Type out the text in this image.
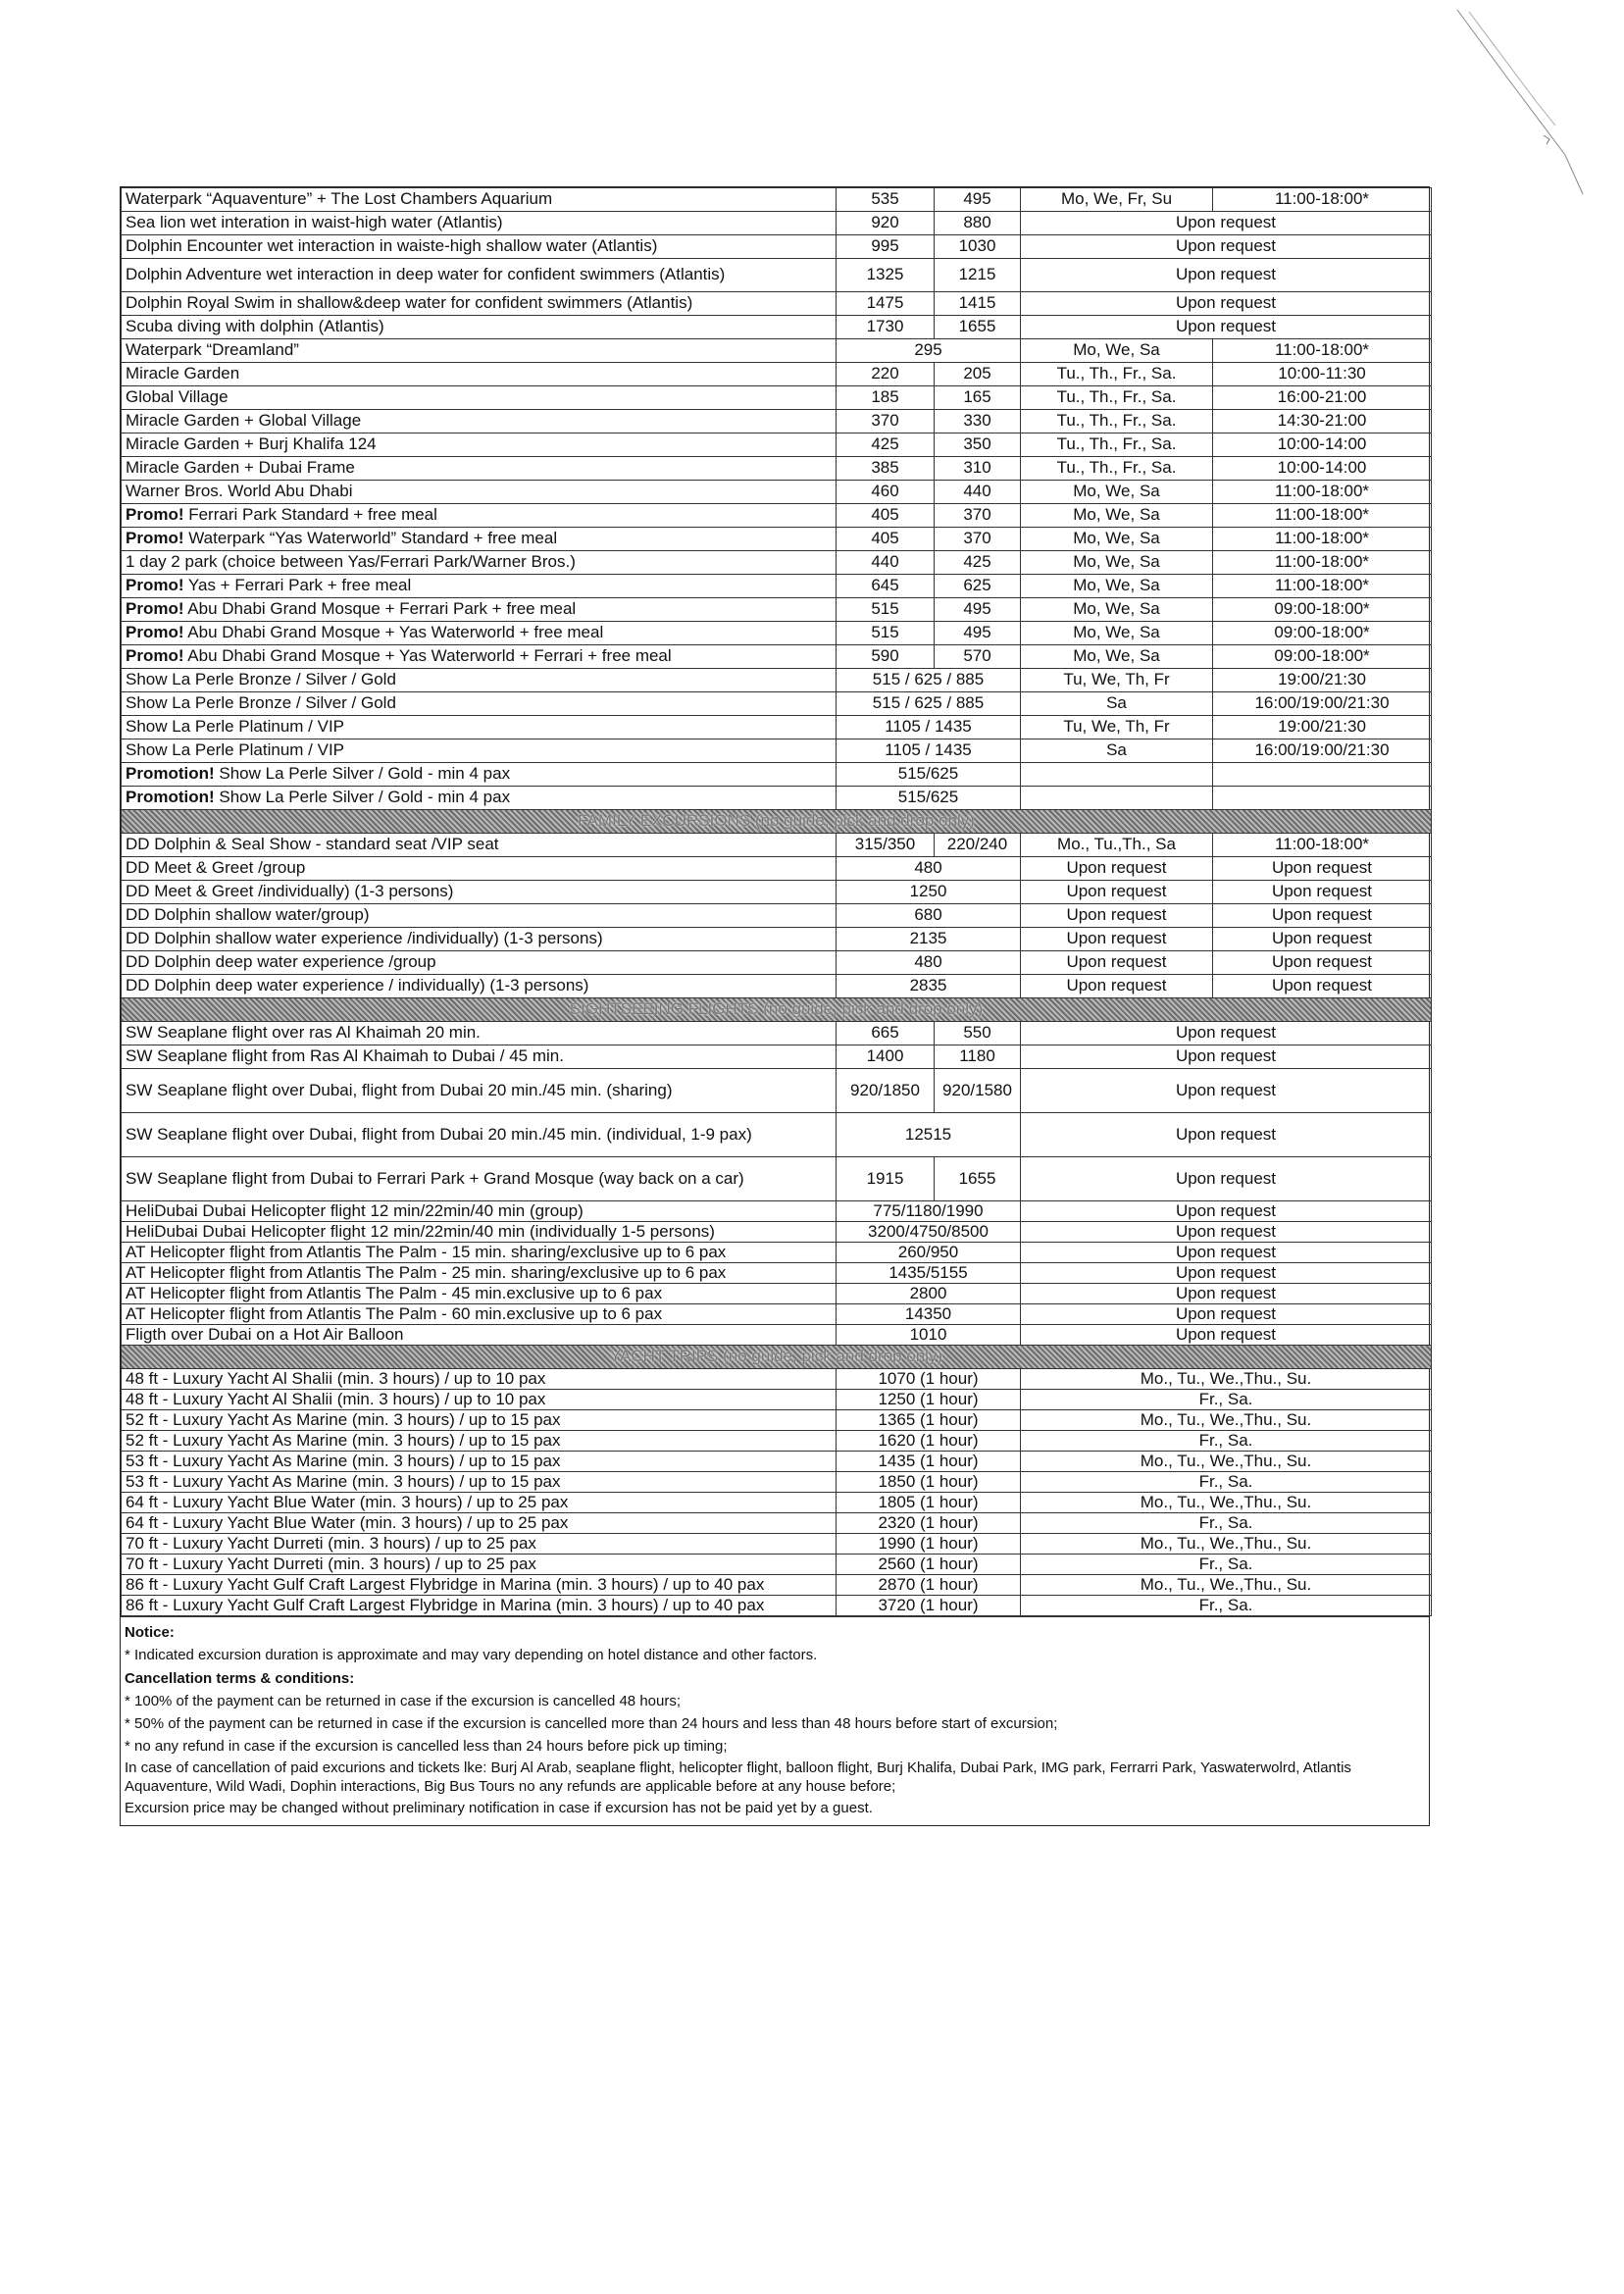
Waterpark “Aquaventure” + The Lost Chambers Aquarium	535	495	Mo, We, Fr, Su	11:00-18:00*
Sea lion wet interation in waist-high water (Atlantis)	920	880	Upon request	
Dolphin Encounter wet interaction in waiste-high shallow water (Atlantis)	995	1030	Upon request	
Dolphin Adventure wet interaction in deep water for confident swimmers (Atlantis)	1325	1215	Upon request	
Dolphin Royal Swim in shallow&deep water for confident swimmers (Atlantis)	1475	1415	Upon request	
Scuba diving with dolphin (Atlantis)	1730	1655	Upon request	
Waterpark “Dreamland”	295		Mo, We, Sa	11:00-18:00*
Miracle Garden	220	205	Tu., Th., Fr., Sa.	10:00-11:30
Global Village	185	165	Tu., Th., Fr., Sa.	16:00-21:00
Miracle Garden + Global Village	370	330	Tu., Th., Fr., Sa.	14:30-21:00
Miracle Garden + Burj Khalifa 124	425	350	Tu., Th., Fr., Sa.	10:00-14:00
Miracle Garden + Dubai Frame	385	310	Tu., Th., Fr., Sa.	10:00-14:00
Warner Bros. World Abu Dhabi	460	440	Mo, We, Sa	11:00-18:00*
Promo! Ferrari Park Standard + free meal	405	370	Mo, We, Sa	11:00-18:00*
Promo! Waterpark “Yas Waterworld” Standard + free meal	405	370	Mo, We, Sa	11:00-18:00*
1 day 2 park (choice between Yas/Ferrari Park/Warner Bros.)	440	425	Mo, We, Sa	11:00-18:00*
Promo! Yas + Ferrari Park + free meal	645	625	Mo, We, Sa	11:00-18:00*
Promo! Abu Dhabi Grand Mosque + Ferrari Park + free meal	515	495	Mo, We, Sa	09:00-18:00*
Promo! Abu Dhabi Grand Mosque + Yas Waterworld + free meal	515	495	Mo, We, Sa	09:00-18:00*
Promo! Abu Dhabi Grand Mosque + Yas Waterworld + Ferrari + free meal	590	570	Mo, We, Sa	09:00-18:00*
Show La Perle Bronze / Silver / Gold	515 / 625 / 885		Tu, We, Th, Fr	19:00/21:30
Show La Perle Bronze / Silver / Gold	515 / 625 / 885		Sa	16:00/19:00/21:30
Show La Perle Platinum / VIP	1105 / 1435		Tu, We, Th, Fr	19:00/21:30
Show La Perle Platinum / VIP	1105 / 1435		Sa	16:00/19:00/21:30
Promotion! Show La Perle Silver / Gold - min 4 pax	515/625			
Promotion! Show La Perle Silver / Gold - min 4 pax	515/625			
FAMILY EXCURSIONS (no guide, pick and drop only)				
DD Dolphin & Seal Show - standard seat /VIP seat	315/350	220/240	Mo., Tu.,Th., Sa	11:00-18:00*
DD Meet & Greet /group	480		Upon request	Upon request
DD Meet & Greet /individually) (1-3 persons)	1250		Upon request	Upon request
DD Dolphin shallow water/group)	680		Upon request	Upon request
DD Dolphin shallow water experience /individually) (1-3 persons)	2135		Upon request	Upon request
DD Dolphin deep water experience /group	480		Upon request	Upon request
DD Dolphin deep water experience / individually) (1-3 persons)	2835		Upon request	Upon request
SIGHTSEEING FLIGHTS (no guide, pick and drop only)				
SW Seaplane flight over ras Al Khaimah 20 min.	665	550	Upon request	
SW Seaplane flight from Ras Al Khaimah to Dubai / 45 min.	1400	1180	Upon request	
SW Seaplane flight over Dubai, flight from Dubai 20 min./45 min. (sharing)	920/1850	920/1580	Upon request	
SW Seaplane flight over Dubai, flight from Dubai 20 min./45 min. (individual, 1-9 pax)	12515		Upon request	
SW Seaplane flight from Dubai to Ferrari Park + Grand Mosque (way back on a car)	1915	1655	Upon request	
HeliDubai Dubai Helicopter flight 12 min/22min/40 min (group)	775/1180/1990		Upon request	
HeliDubai Dubai Helicopter flight 12 min/22min/40 min (individually 1-5 persons)	3200/4750/8500		Upon request	
AT Helicopter flight from Atlantis The Palm - 15 min. sharing/exclusive up to 6 pax	260/950		Upon request	
AT Helicopter flight from Atlantis The Palm - 25 min. sharing/exclusive up to 6 pax	1435/5155		Upon request	
AT Helicopter flight from Atlantis The Palm - 45 min.exclusive up to 6 pax	2800		Upon request	
AT Helicopter flight from Atlantis The Palm - 60 min.exclusive up to 6 pax	14350		Upon request	
Fligth over Dubai on a Hot Air Balloon	1010		Upon request	
YACHT TRIPS (no guide, pick and drop only)				
48 ft - Luxury Yacht Al Shalii (min. 3 hours) / up to 10 pax	1070 (1 hour)		Mo., Tu., We.,Thu., Su.	
48 ft - Luxury Yacht Al Shalii (min. 3 hours) / up to 10 pax	1250 (1 hour)		Fr., Sa.	
52 ft - Luxury Yacht As Marine (min. 3 hours) / up to 15 pax	1365 (1 hour)		Mo., Tu., We.,Thu., Su.	
52 ft - Luxury Yacht As Marine (min. 3 hours) / up to 15 pax	1620 (1 hour)		Fr., Sa.	
53 ft - Luxury Yacht As Marine (min. 3 hours) / up to 15 pax	1435 (1 hour)		Mo., Tu., We.,Thu., Su.	
53 ft - Luxury Yacht As Marine (min. 3 hours) / up to 15 pax	1850 (1 hour)		Fr., Sa.	
64 ft - Luxury Yacht Blue Water (min. 3 hours) / up to 25 pax	1805 (1 hour)		Mo., Tu., We.,Thu., Su.	
64 ft - Luxury Yacht Blue Water (min. 3 hours) / up to 25 pax	2320 (1 hour)		Fr., Sa.	
70 ft - Luxury Yacht Durreti (min. 3 hours) / up to 25 pax	1990 (1 hour)		Mo., Tu., We.,Thu., Su.	
70 ft - Luxury Yacht Durreti (min. 3 hours) / up to 25 pax	2560 (1 hour)		Fr., Sa.	
86 ft - Luxury Yacht Gulf Craft Largest Flybridge in Marina (min. 3 hours) / up to 40 pax	2870 (1 hour)		Mo., Tu., We.,Thu., Su.	
86 ft - Luxury Yacht Gulf Craft Largest Flybridge in Marina (min. 3 hours) / up to 40 pax	3720 (1 hour)		Fr., Sa.	
Notice:
* Indicated excursion duration is approximate and may vary depending on hotel distance and other factors.
Cancellation terms & conditions:
* 100% of the payment can be returned in case if the excursion is cancelled 48 hours;
* 50% of the payment can be returned in case if the excursion is cancelled more than 24 hours and less than 48 hours before start of excursion;
* no any refund in case if the excursion is cancelled less than 24 hours before pick up timing;
In case of cancellation of paid excurions and tickets lke: Burj Al Arab, seaplane flight, helicopter flight, balloon flight, Burj Khalifa, Dubai Park, IMG park, Ferrarri Park, Yaswaterwolrd, Atlantis Aquaventure, Wild Wadi, Dophin interactions, Big Bus Tours no any refunds are applicable before at any house before;
Excursion price may be changed without preliminary notification in case if excursion has not be paid yet by a guest.
